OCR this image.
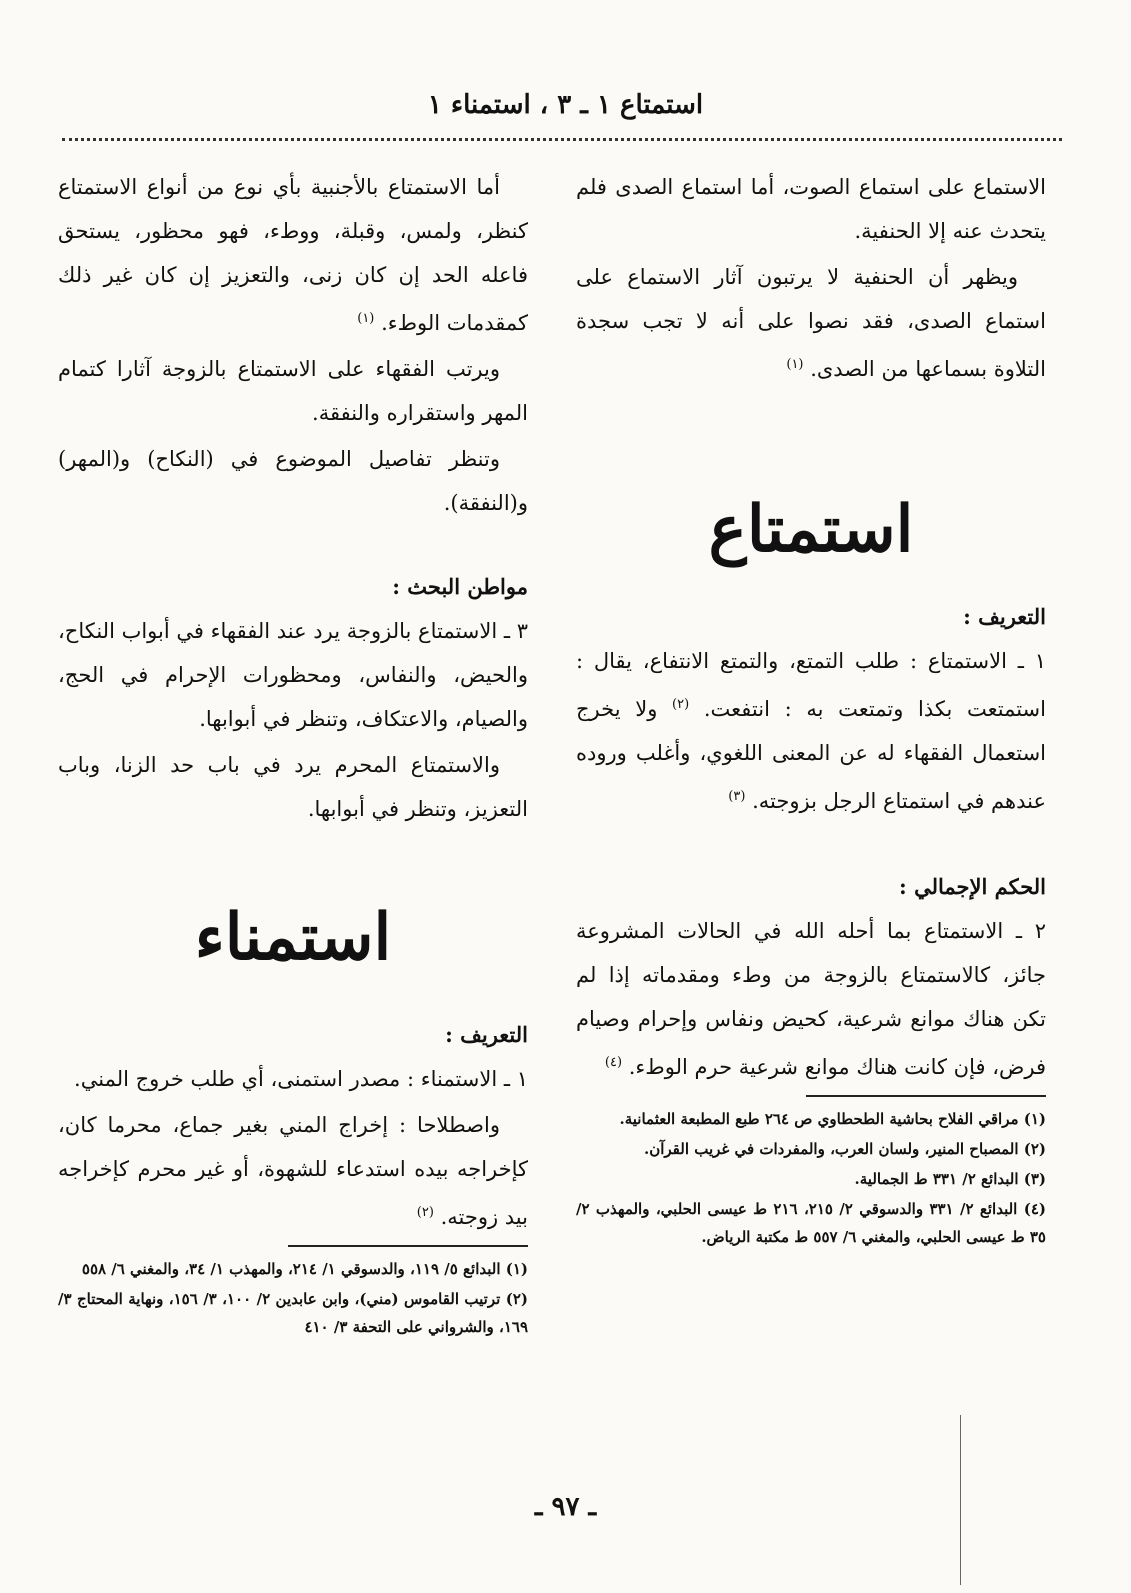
استمتاع ١ ـ ٣ ، استمناء ١

الاستماع على استماع الصوت، أما استماع الصدى فلم يتحدث عنه إلا الحنفية.

ويظهر أن الحنفية لا يرتبون آثار الاستماع على استماع الصدى، فقد نصوا على أنه لا تجب سجدة التلاوة بسماعها من الصدى. $^{(١)}$

استمتاع
التعريف :

١ ـ الاستمتاع : طلب التمتع، والتمتع الانتفاع، يقال : استمتعت بكذا وتمتعت به : انتفعت. $^{(٢)}$ ولا يخرج استعمال الفقهاء له عن المعنى اللغوي، وأغلب وروده عندهم في استمتاع الرجل بزوجته. $^{(٣)}$

الحكم الإجمالي :

٢ ـ الاستمتاع بما أحله الله في الحالات المشروعة جائز، كالاستمتاع بالزوجة من وطء ومقدماته إذا لم تكن هناك موانع شرعية، كحيض ونفاس وإحرام وصيام فرض، فإن كانت هناك موانع شرعية حرم الوطء. $^{(٤)}$

(١) مراقي الفلاح بحاشية الطحطاوي ص ٢٦٤ طبع المطبعة العثمانية.

(٢) المصباح المنير، ولسان العرب، والمفردات في غريب القرآن.

(٣) البدائع ٢/ ٣٣١ ط الجمالية.

(٤) البدائع ٢/ ٣٣١ والدسوقي ٢/ ٢١٥، ٢١٦ ط عيسى الحلبي، والمهذب ٢/ ٣٥ ط عيسى الحلبي، والمغني ٦/ ٥٥٧ ط مكتبة الرياض.

أما الاستمتاع بالأجنبية بأي نوع من أنواع الاستمتاع كنظر، ولمس، وقبلة، ووطء، فهو محظور، يستحق فاعله الحد إن كان زنى، والتعزيز إن كان غير ذلك كمقدمات الوطء. $^{(١)}$

ويرتب الفقهاء على الاستمتاع بالزوجة آثارا كتمام المهر واستقراره والنفقة.

وتنظر تفاصيل الموضوع في (النكاح) و(المهر) و(النفقة).

مواطن البحث :

٣ ـ الاستمتاع بالزوجة يرد عند الفقهاء في أبواب النكاح، والحيض، والنفاس، ومحظورات الإحرام في الحج، والصيام، والاعتكاف، وتنظر في أبوابها.

والاستمتاع المحرم يرد في باب حد الزنا، وباب التعزيز، وتنظر في أبوابها.

استمناء
التعريف :

١ ـ الاستمناء : مصدر استمنى، أي طلب خروج المني.

واصطلاحا : إخراج المني بغير جماع، محرما كان، كإخراجه بيده استدعاء للشهوة، أو غير محرم كإخراجه بيد زوجته. $^{(٢)}$

(١) البدائع ٥/ ١١٩، والدسوقي ١/ ٢١٤، والمهذب ١/ ٣٤، والمغني ٦/ ٥٥٨

(٢) ترتيب القاموس (مني)، وابن عابدين ٢/ ١٠٠، ٣/ ١٥٦، ونهاية المحتاج ٣/ ١٦٩، والشرواني على التحفة ٣/ ٤١٠

ـ ٩٧ ـ
